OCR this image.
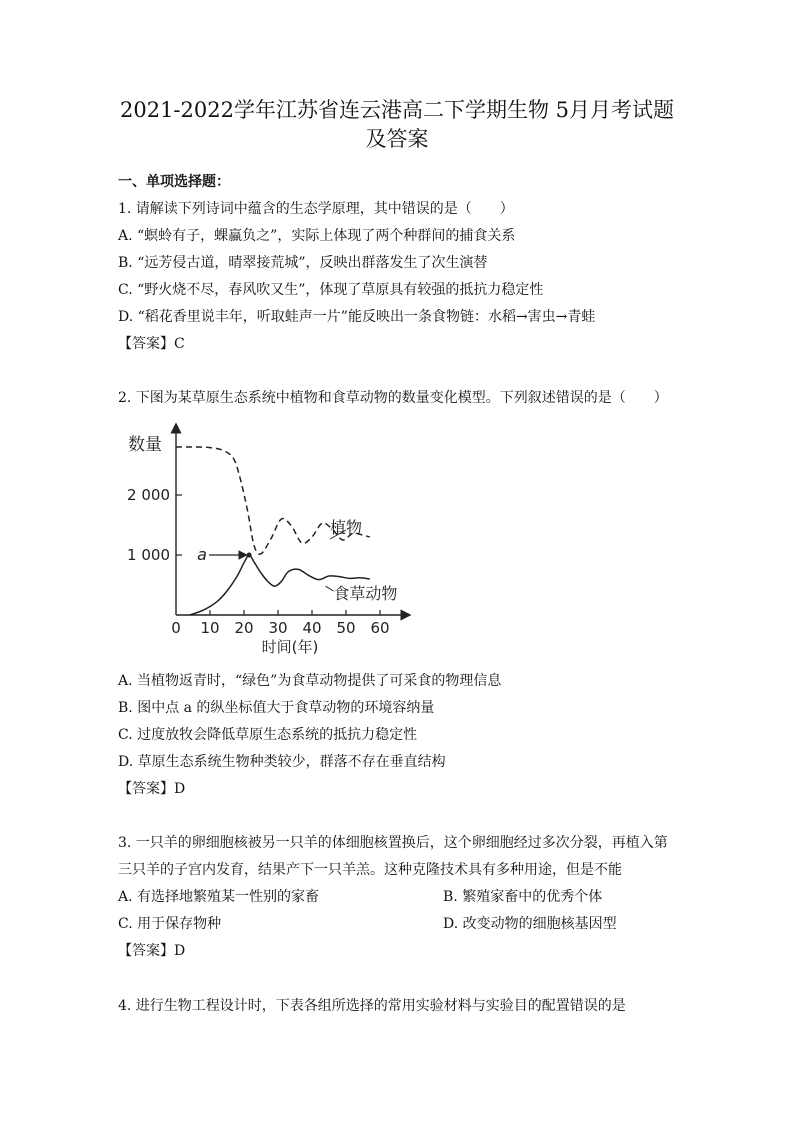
2021-2022学年江苏省连云港高二下学期生物 5月月考试题
及答案
一、单项选择题：
1. 请解读下列诗词中蕴含的生态学原理，其中错误的是（　　）
A. “螟蛉有子，蜾蠃负之”，实际上体现了两个种群间的捕食关系
B. “远芳侵古道，晴翠接荒城”，反映出群落发生了次生演替
C. “野火烧不尽，春风吹又生”，体现了草原具有较强的抵抗力稳定性
D. “稻花香里说丰年，听取蛙声一片”能反映出一条食物链：水稻→害虫→青蛙
【答案】C
2. 下图为某草原生态系统中植物和食草动物的数量变化模型。下列叙述错误的是（　　）
数量
时间(年)
0 10 20 30 40 50 60
1 000
2 000
植物
食草动物
a
A. 当植物返青时，“绿色”为食草动物提供了可采食的物理信息
B. 图中点 a 的纵坐标值大于食草动物的环境容纳量
C. 过度放牧会降低草原生态系统的抵抗力稳定性
D. 草原生态系统生物种类较少，群落不存在垂直结构
【答案】D
3. 一只羊的卵细胞核被另一只羊的体细胞核置换后，这个卵细胞经过多次分裂，再植入第
三只羊的子宫内发育，结果产下一只羊羔。这种克隆技术具有多种用途，但是不能
A. 有选择地繁殖某一性别的家畜	B. 繁殖家畜中的优秀个体
C. 用于保存物种	D. 改变动物的细胞核基因型
【答案】D
4. 进行生物工程设计时，下表各组所选择的常用实验材料与实验目的配置错误的是
